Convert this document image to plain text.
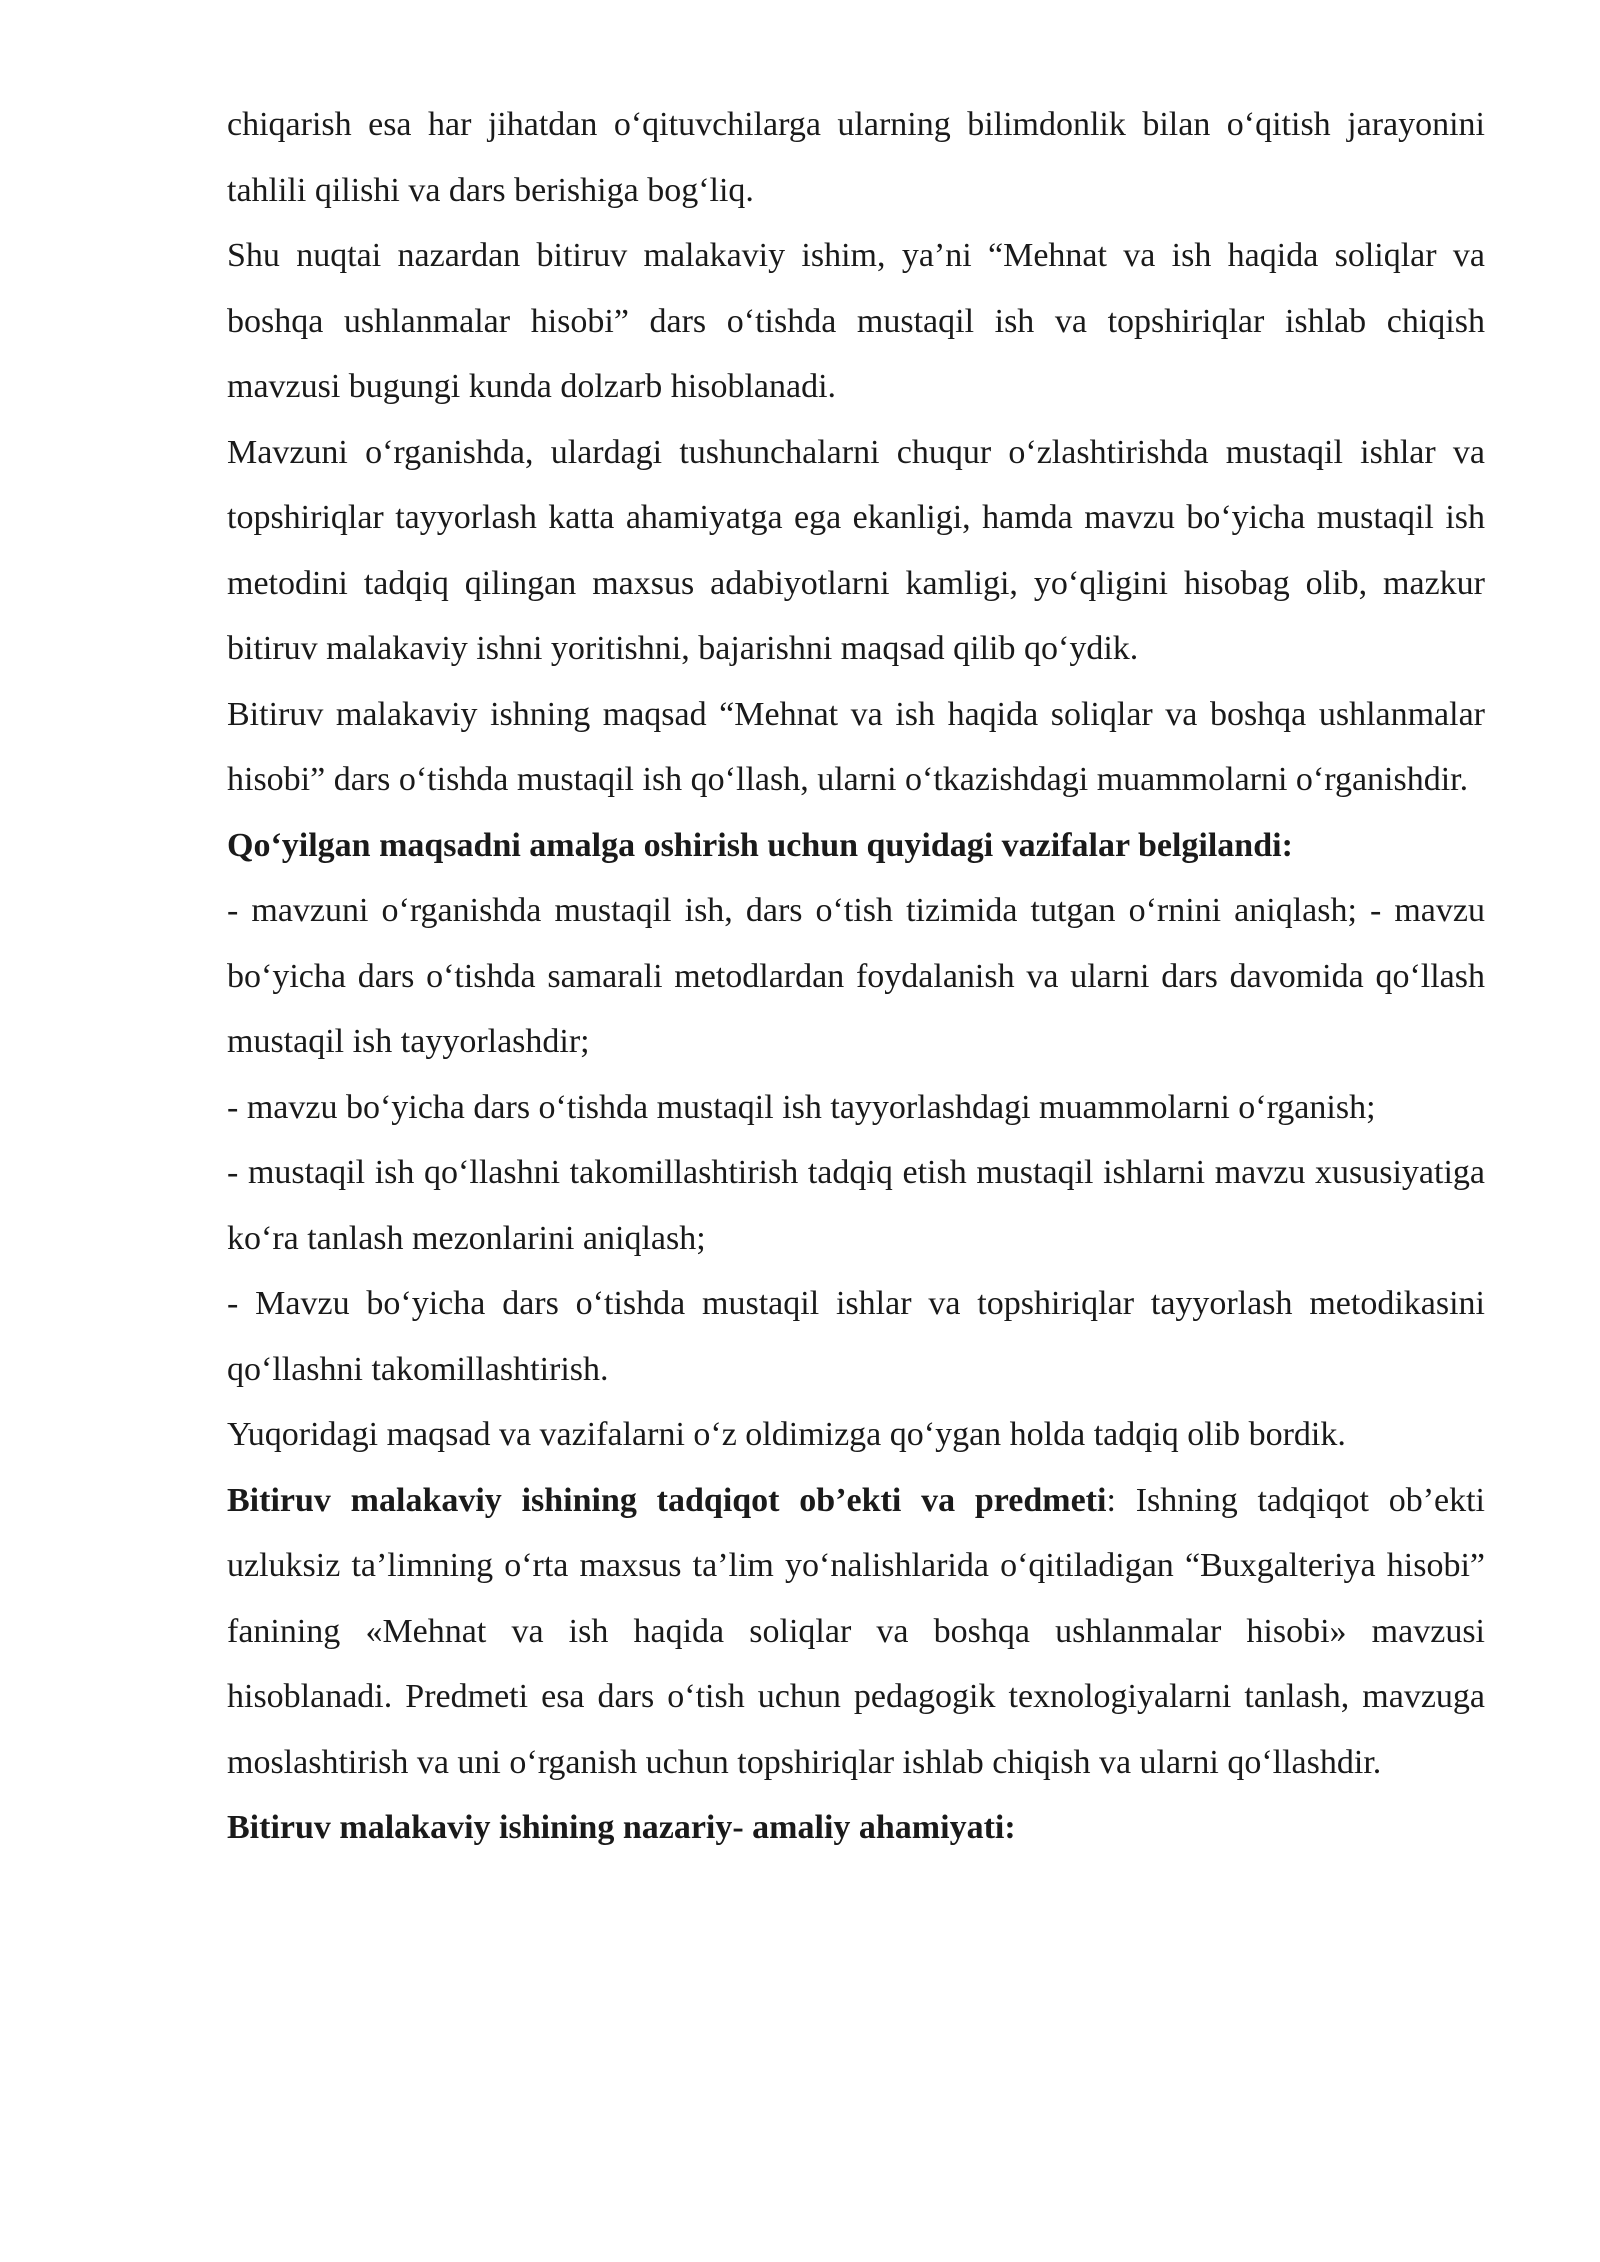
chiqarish esa har jihatdan oʻqituvchilarga ularning bilimdonlik bilan oʻqitish jarayonini tahlili qilishi va dars berishiga bogʻliq.

Shu nuqtai nazardan bitiruv malakaviy ishim, ya’ni “Mehnat va ish haqida soliqlar va boshqa ushlanmalar hisobi” dars oʻtishda mustaqil ish va topshiriqlar ishlab chiqish mavzusi bugungi kunda dolzarb hisoblanadi.

Mavzuni oʻrganishda, ulardagi tushunchalarni chuqur oʻzlashtirishda mustaqil ishlar va topshiriqlar tayyorlash katta ahamiyatga ega ekanligi, hamda mavzu boʻyicha mustaqil ish metodini tadqiq qilingan maxsus adabiyotlarni kamligi, yoʻqligini hisobag olib, mazkur bitiruv malakaviy ishni yoritishni, bajarishni maqsad qilib qoʻydik.

Bitiruv malakaviy ishning maqsad “Mehnat va ish haqida soliqlar va boshqa ushlanmalar hisobi” dars oʻtishda mustaqil ish qoʻllash, ularni oʻtkazishdagi muammolarni oʻrganishdir.

Qoʻyilgan maqsadni amalga oshirish uchun quyidagi vazifalar belgilandi:

- mavzuni oʻrganishda mustaqil ish, dars oʻtish tizimida tutgan oʻrnini aniqlash; - mavzu boʻyicha dars oʻtishda samarali metodlardan foydalanish va ularni dars davomida qoʻllash mustaqil ish tayyorlashdir;

- mavzu boʻyicha dars oʻtishda mustaqil ish tayyorlashdagi muammolarni oʻrganish;

- mustaqil ish qoʻllashni takomillashtirish tadqiq etish mustaqil ishlarni mavzu xususiyatiga koʻra tanlash mezonlarini aniqlash;

- Mavzu boʻyicha dars oʻtishda mustaqil ishlar va topshiriqlar tayyorlash metodikasini qoʻllashni takomillashtirish.

Yuqoridagi maqsad va vazifalarni oʻz oldimizga qoʻygan holda tadqiq olib bordik.

Bitiruv malakaviy ishining tadqiqot ob’ekti va predmeti: Ishning tadqiqot ob’ekti uzluksiz ta’limning oʻrta maxsus ta’lim yoʻnalishlarida oʻqitiladigan “Buxgalteriya hisobi” fanining «Mehnat va ish haqida soliqlar va boshqa ushlanmalar hisobi» mavzusi hisoblanadi. Predmeti esa dars oʻtish uchun pedagogik texnologiyalarni tanlash, mavzuga moslashtirish va uni oʻrganish uchun topshiriqlar ishlab chiqish va ularni qoʻllashdir.

Bitiruv malakaviy ishining nazariy- amaliy ahamiyati:
